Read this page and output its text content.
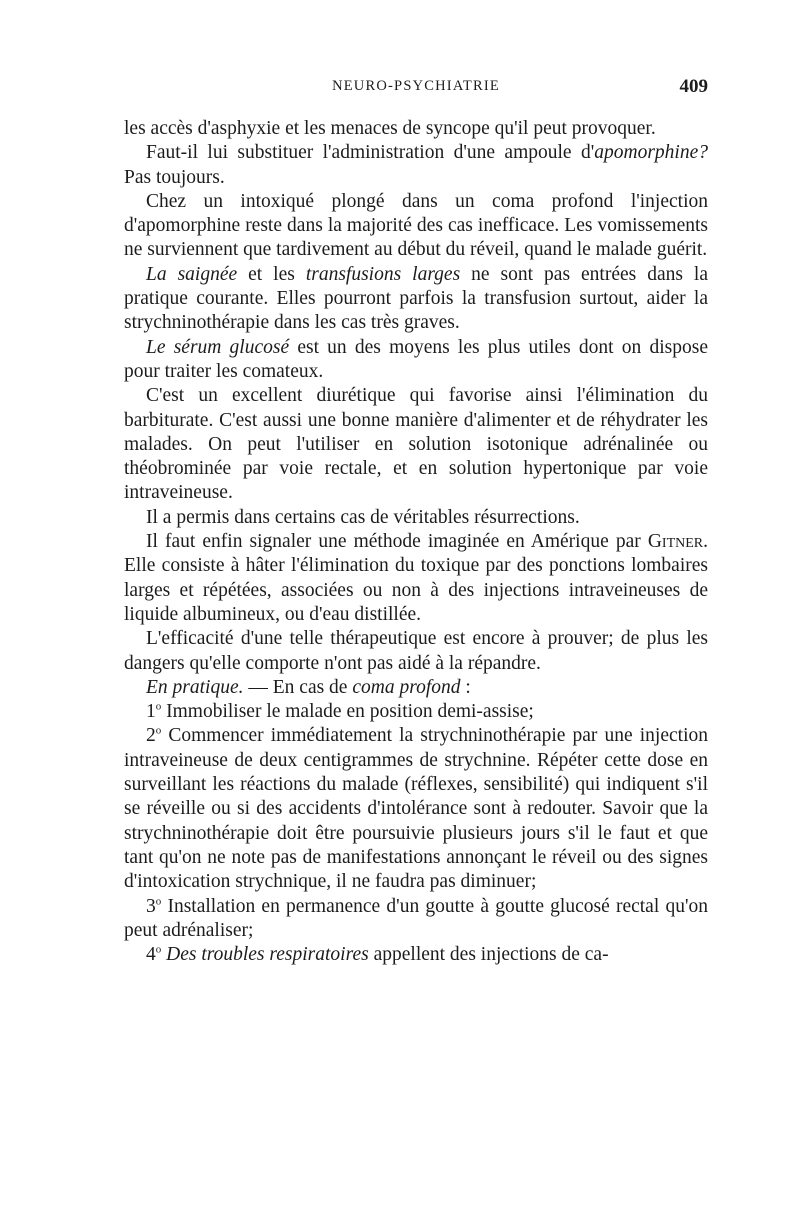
NEURO-PSYCHIATRIE	409

les accès d'asphyxie et les menaces de syncope qu'il peut provoquer.

Faut-il lui substituer l'administration d'une ampoule d'apomorphine? Pas toujours.

Chez un intoxiqué plongé dans un coma profond l'injection d'apomorphine reste dans la majorité des cas inefficace. Les vomissements ne surviennent que tardivement au début du réveil, quand le malade guérit.

La saignée et les transfusions larges ne sont pas entrées dans la pratique courante. Elles pourront parfois la transfusion surtout, aider la strychninothérapie dans les cas très graves.

Le sérum glucosé est un des moyens les plus utiles dont on dispose pour traiter les comateux.

C'est un excellent diurétique qui favorise ainsi l'élimination du barbiturate. C'est aussi une bonne manière d'alimenter et de réhydrater les malades. On peut l'utiliser en solution isotonique adrénalinée ou théobrominée par voie rectale, et en solution hypertonique par voie intraveineuse.

Il a permis dans certains cas de véritables résurrections.

Il faut enfin signaler une méthode imaginée en Amérique par Gitner. Elle consiste à hâter l'élimination du toxique par des ponctions lombaires larges et répétées, associées ou non à des injections intraveineuses de liquide albumineux, ou d'eau distillée.

L'efficacité d'une telle thérapeutique est encore à prouver; de plus les dangers qu'elle comporte n'ont pas aidé à la répandre.

En pratique. — En cas de coma profond :

1$^o$ Immobiliser le malade en position demi-assise;

2$^o$ Commencer immédiatement la strychninothérapie par une injection intraveineuse de deux centigrammes de strychnine. Répéter cette dose en surveillant les réactions du malade (réflexes, sensibilité) qui indiquent s'il se réveille ou si des accidents d'intolérance sont à redouter. Savoir que la strychninothérapie doit être poursuivie plusieurs jours s'il le faut et que tant qu'on ne note pas de manifestations annonçant le réveil ou des signes d'intoxication strychnique, il ne faudra pas diminuer;

3$^o$ Installation en permanence d'un goutte à goutte glucosé rectal qu'on peut adrénaliser;

4$^o$ Des troubles respiratoires appellent des injections de ca-
